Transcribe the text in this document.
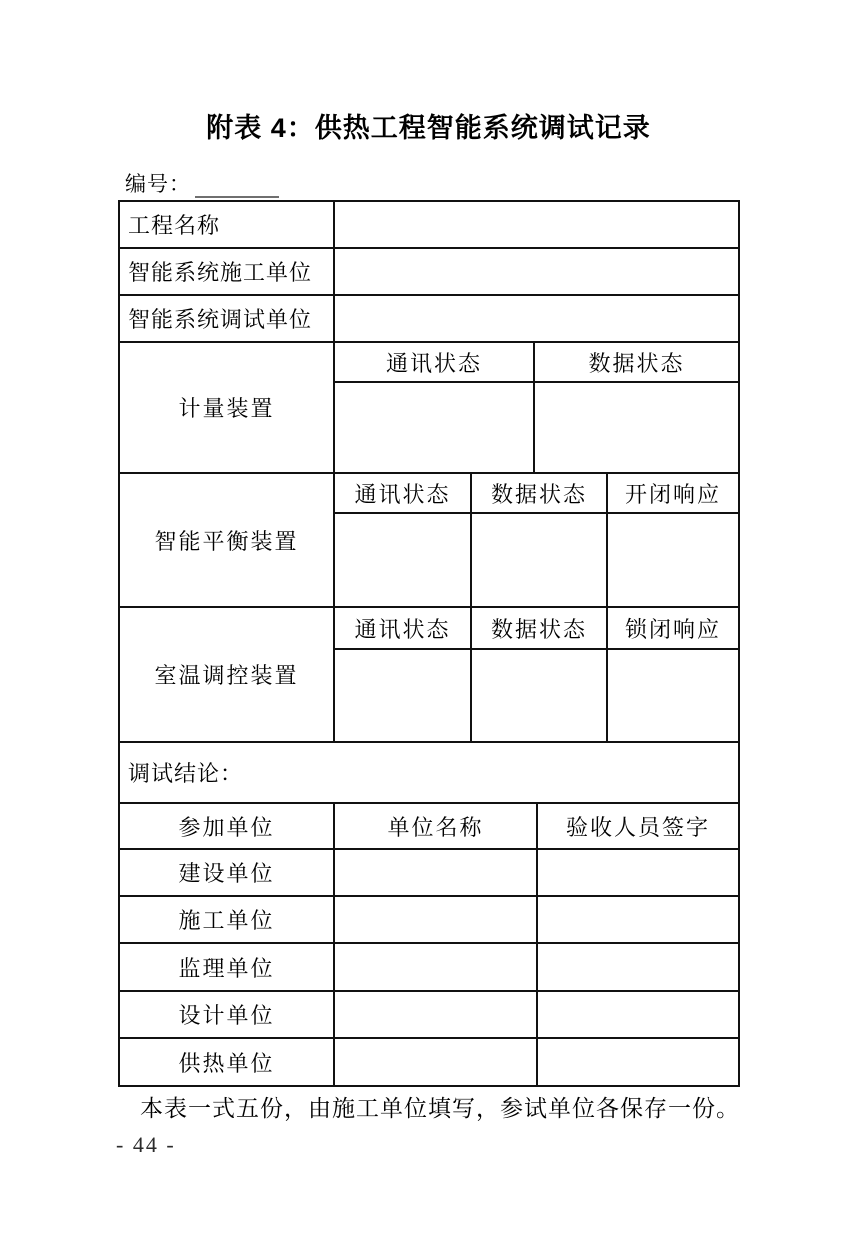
附表 4：供热工程智能系统调试记录
编号：
工程名称
智能系统施工单位
智能系统调试单位
计量装置
通讯状态	数据状态
智能平衡装置
通讯状态	数据状态	开闭响应
室温调控装置
通讯状态	数据状态	锁闭响应
调试结论：
参加单位	单位名称	验收人员签字
建设单位
施工单位
监理单位
设计单位
供热单位
本表一式五份，由施工单位填写，参试单位各保存一份。
- 44 -
